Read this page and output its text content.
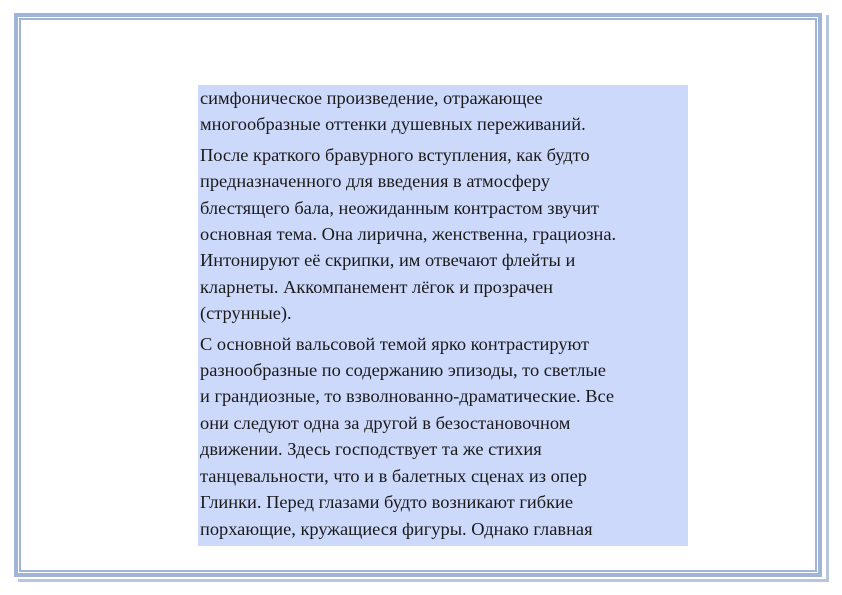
симфоническое произведение, отражающее
многообразные оттенки душевных переживаний.

После краткого бравурного вступления, как будто
предназначенного для введения в атмосферу
блестящего бала, неожиданным контрастом звучит
основная тема. Она лирична, женственна, грациозна.
Интонируют её скрипки, им отвечают флейты и
кларнеты. Аккомпанемент лёгок и прозрачен
(струнные).

С основной вальсовой темой ярко контрастируют
разнообразные по содержанию эпизоды, то светлые
и грандиозные, то взволнованно-драматические. Все
они следуют одна за другой в безостановочном
движении. Здесь господствует та же стихия
танцевальности, что и в балетных сценах из опер
Глинки. Перед глазами будто возникают гибкие
порхающие, кружащиеся фигуры. Однако главная
